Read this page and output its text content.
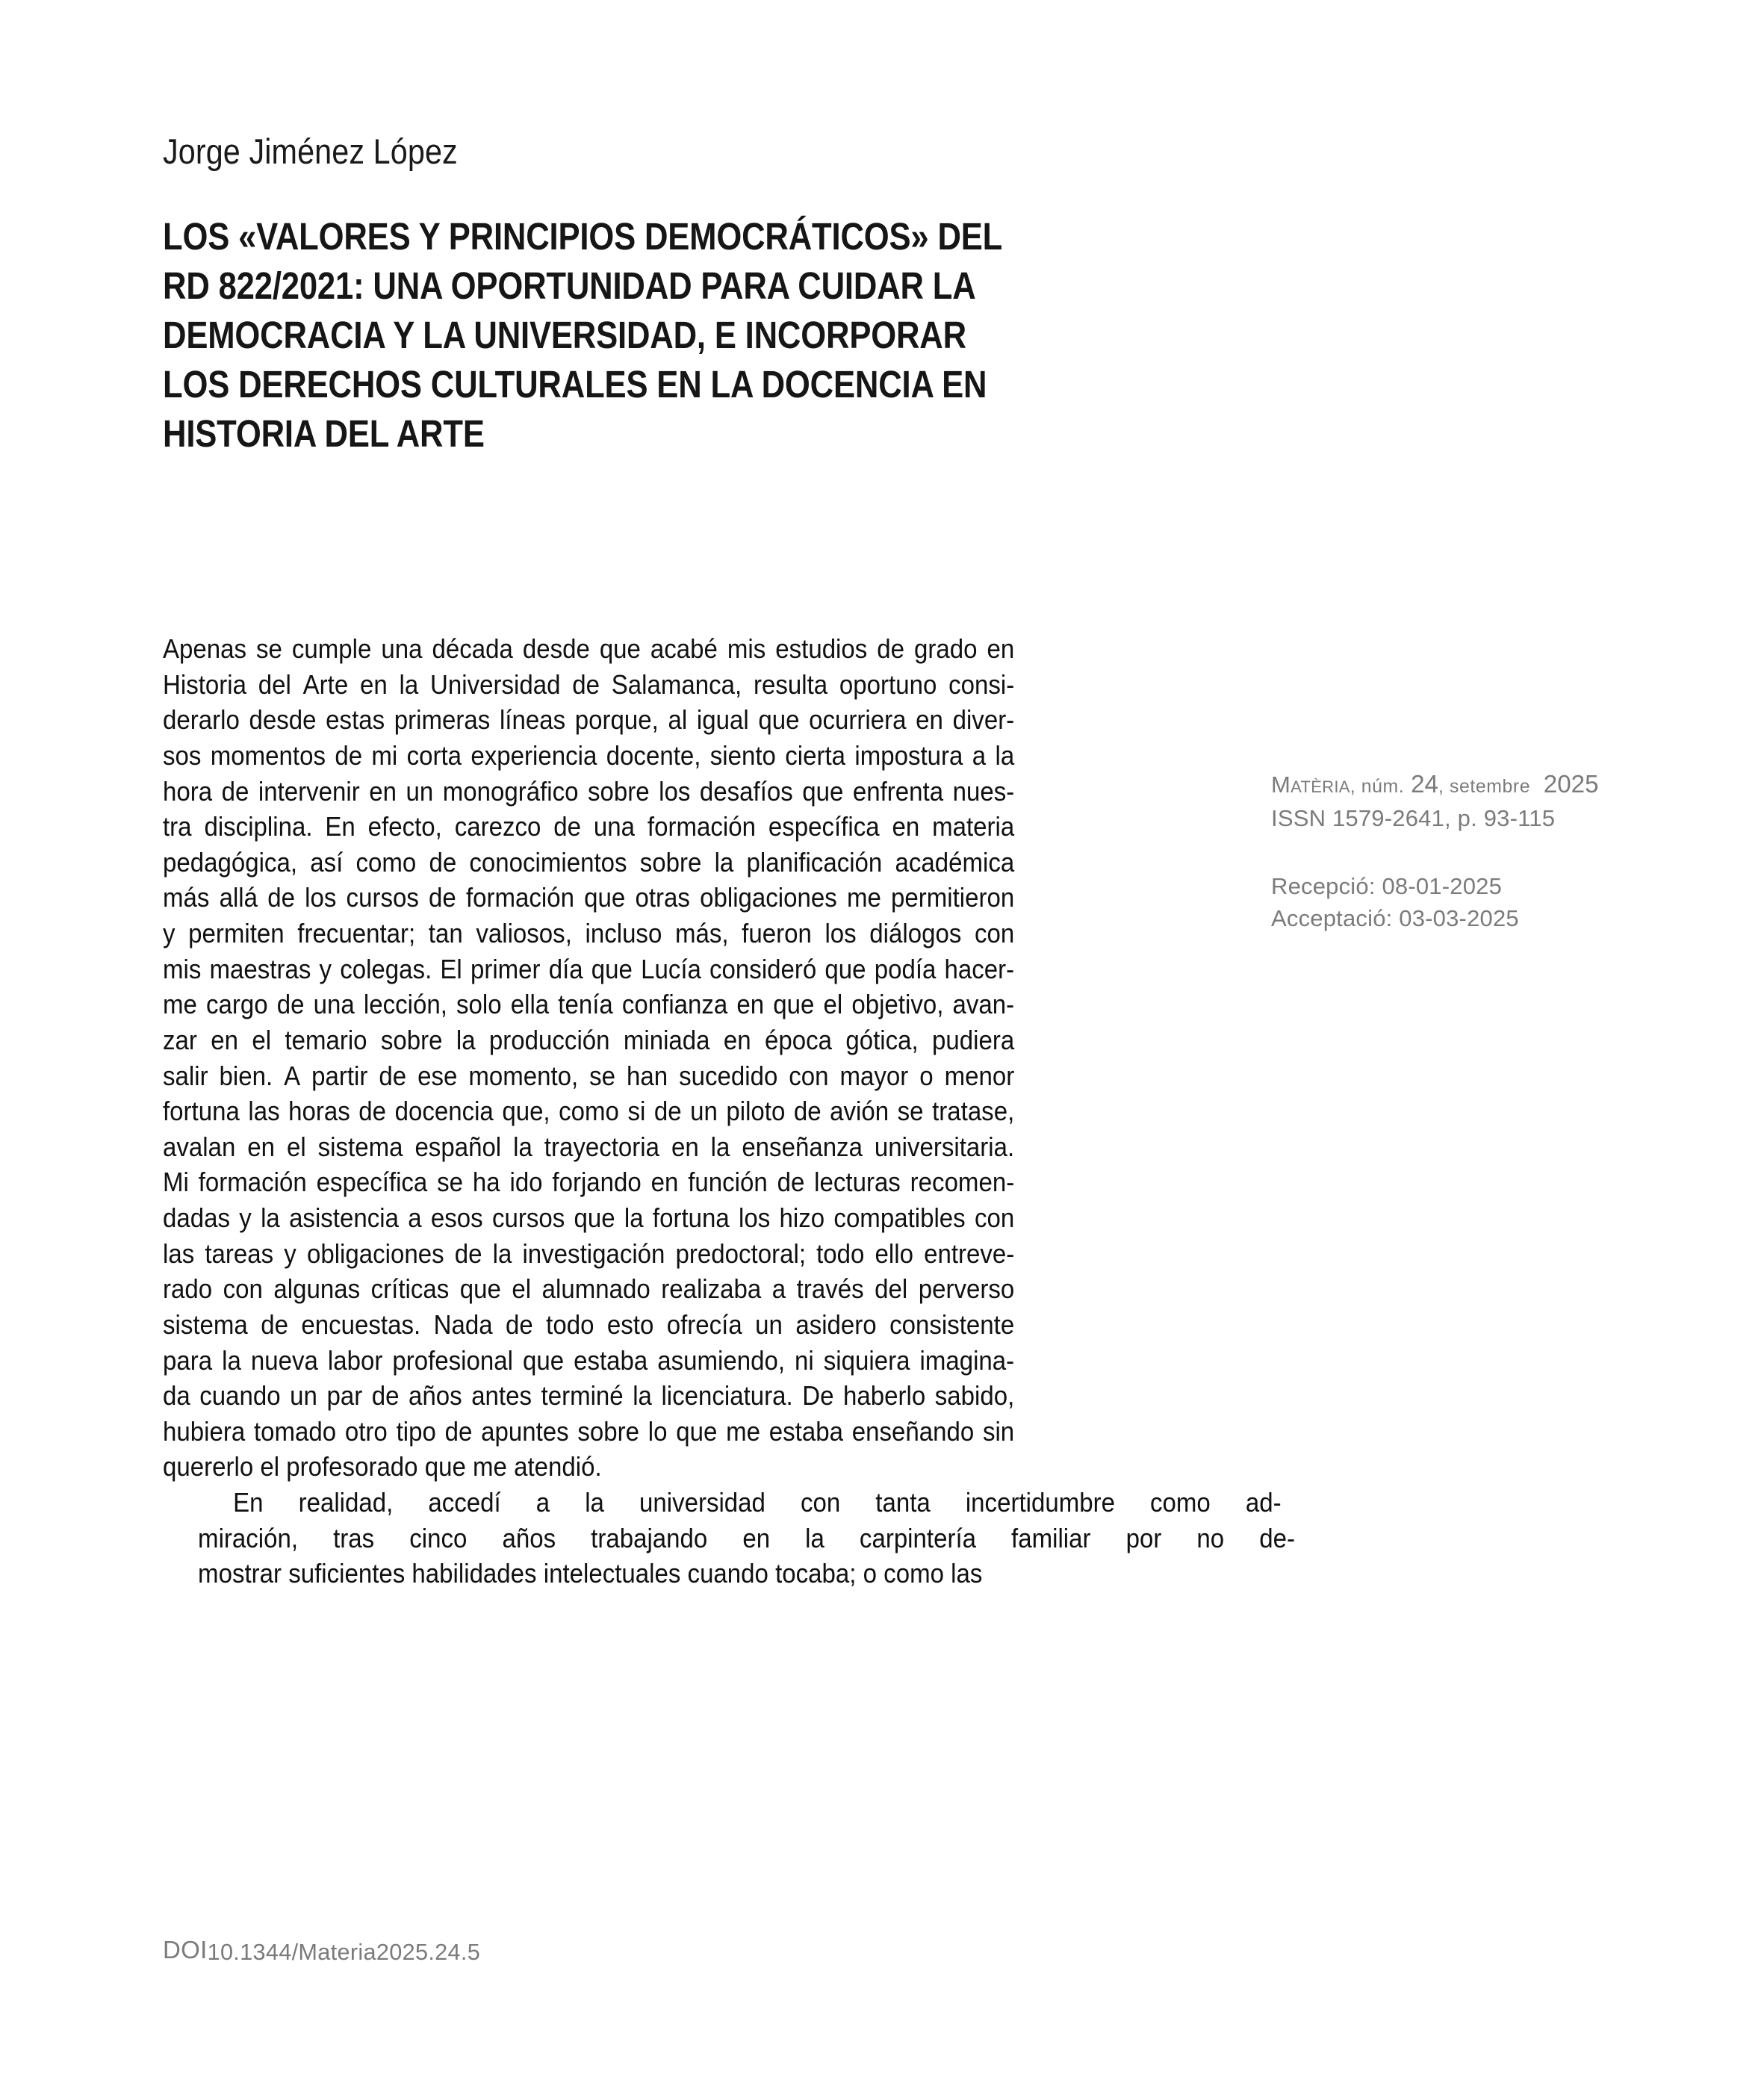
Jorge Jiménez López
LOS «VALORES Y PRINCIPIOS DEMOCRÁTICOS» DEL
RD 822/2021: UNA OPORTUNIDAD PARA CUIDAR LA
DEMOCRACIA Y LA UNIVERSIDAD, E INCORPORAR
LOS DERECHOS CULTURALES EN LA DOCENCIA EN
HISTORIA DEL ARTE

Apenas se cumple una década desde que acabé mis estudios de grado en
Historia del Arte en la Universidad de Salamanca, resulta oportuno consi-
derarlo desde estas primeras líneas porque, al igual que ocurriera en diver-
sos momentos de mi corta experiencia docente, siento cierta impostura a la
hora de intervenir en un monográfico sobre los desafíos que enfrenta nues-
tra disciplina. En efecto, carezco de una formación específica en materia
pedagógica, así como de conocimientos sobre la planificación académica
más allá de los cursos de formación que otras obligaciones me permitieron
y permiten frecuentar; tan valiosos, incluso más, fueron los diálogos con
mis maestras y colegas. El primer día que Lucía consideró que podía hacer-
me cargo de una lección, solo ella tenía confianza en que el objetivo, avan-
zar en el temario sobre la producción miniada en época gótica, pudiera
salir bien. A partir de ese momento, se han sucedido con mayor o menor
fortuna las horas de docencia que, como si de un piloto de avión se tratase,
avalan en el sistema español la trayectoria en la enseñanza universitaria.
Mi formación específica se ha ido forjando en función de lecturas recomen-
dadas y la asistencia a esos cursos que la fortuna los hizo compatibles con
las tareas y obligaciones de la investigación predoctoral; todo ello entreve-
rado con algunas críticas que el alumnado realizaba a través del perverso
sistema de encuestas. Nada de todo esto ofrecía un asidero consistente
para la nueva labor profesional que estaba asumiendo, ni siquiera imagina-
da cuando un par de años antes terminé la licenciatura. De haberlo sabido,
hubiera tomado otro tipo de apuntes sobre lo que me estaba enseñando sin
quererlo el profesorado que me atendió.

En	realidad,	accedí	a	la	universidad	con	tanta	incertidumbre	como	ad-
miración,	tras	cinco	años	trabajando	en	la	carpintería	familiar	por	no	de-
mostrar suficientes habilidades intelectuales cuando tocaba; o como las

Matèria, núm. 24, setembre 2025
ISSN 1579-2641, p. 93-115
Recepció: 08-01-2025
Acceptació: 03-03-2025
DOI10.1344/Materia2025.24.5
